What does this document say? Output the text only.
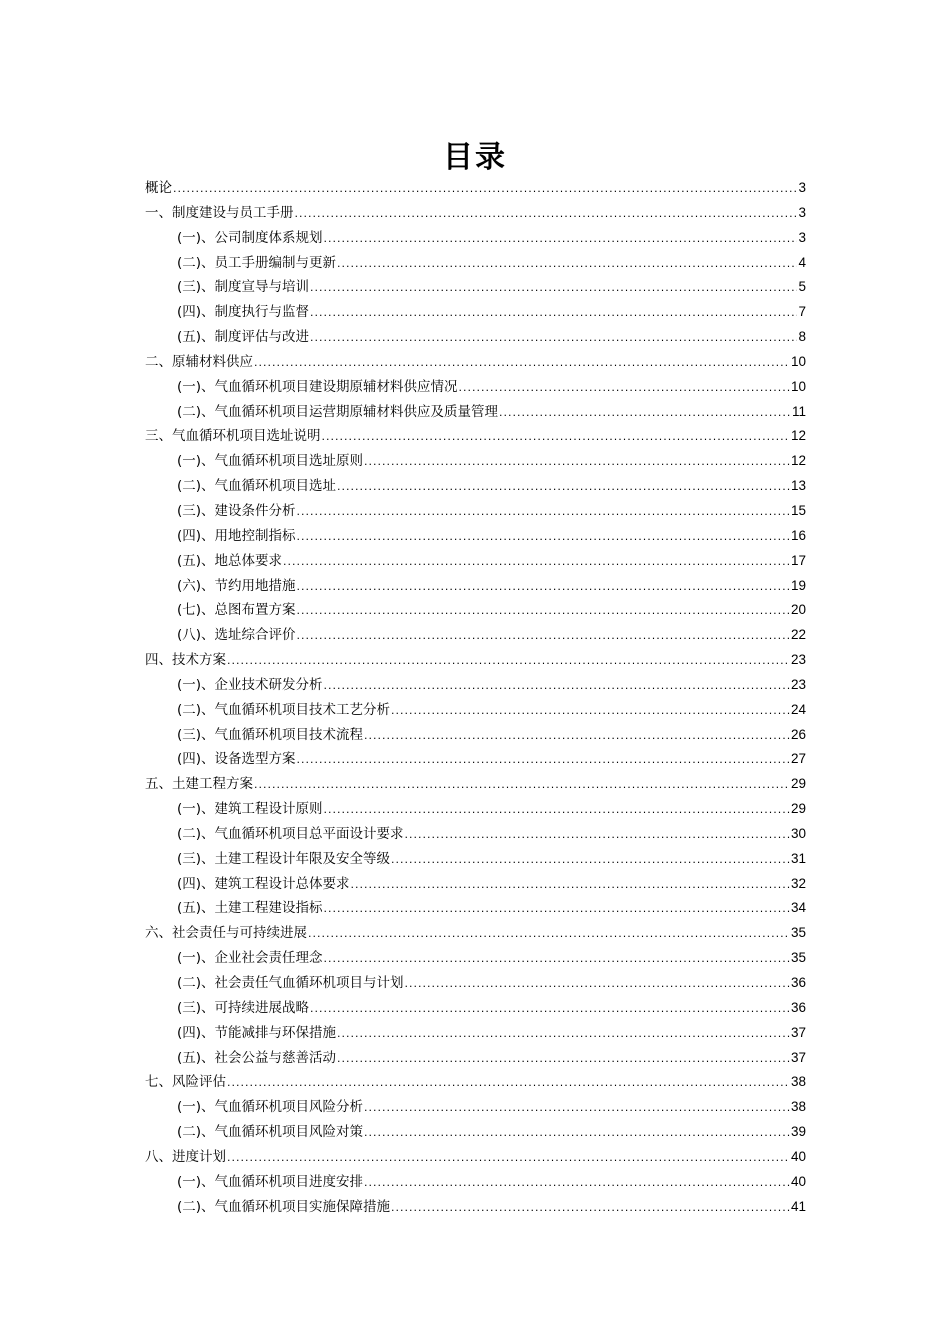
目录
概论 .....	3
一、制度建设与员工手册 .....	3
(一)、公司制度体系规划 .....	3
(二)、员工手册编制与更新 .....	4
(三)、制度宣导与培训 .....	5
(四)、制度执行与监督 .....	7
(五)、制度评估与改进 .....	8
二、原辅材料供应 .....	10
(一)、气血循环机项目建设期原辅材料供应情况 .....	10
(二)、气血循环机项目运营期原辅材料供应及质量管理 .....	11
三、气血循环机项目选址说明 .....	12
(一)、气血循环机项目选址原则 .....	12
(二)、气血循环机项目选址 .....	13
(三)、建设条件分析 .....	15
(四)、用地控制指标 .....	16
(五)、地总体要求 .....	17
(六)、节约用地措施 .....	19
(七)、总图布置方案 .....	20
(八)、选址综合评价 .....	22
四、技术方案 .....	23
(一)、企业技术研发分析 .....	23
(二)、气血循环机项目技术工艺分析 .....	24
(三)、气血循环机项目技术流程 .....	26
(四)、设备选型方案 .....	27
五、土建工程方案 .....	29
(一)、建筑工程设计原则 .....	29
(二)、气血循环机项目总平面设计要求 .....	30
(三)、土建工程设计年限及安全等级 .....	31
(四)、建筑工程设计总体要求 .....	32
(五)、土建工程建设指标 .....	34
六、社会责任与可持续进展 .....	35
(一)、企业社会责任理念 .....	35
(二)、社会责任气血循环机项目与计划 .....	36
(三)、可持续进展战略 .....	36
(四)、节能减排与环保措施 .....	37
(五)、社会公益与慈善活动 .....	37
七、风险评估 .....	38
(一)、气血循环机项目风险分析 .....	38
(二)、气血循环机项目风险对策 .....	39
八、进度计划 .....	40
(一)、气血循环机项目进度安排 .....	40
(二)、气血循环机项目实施保障措施 .....	41
